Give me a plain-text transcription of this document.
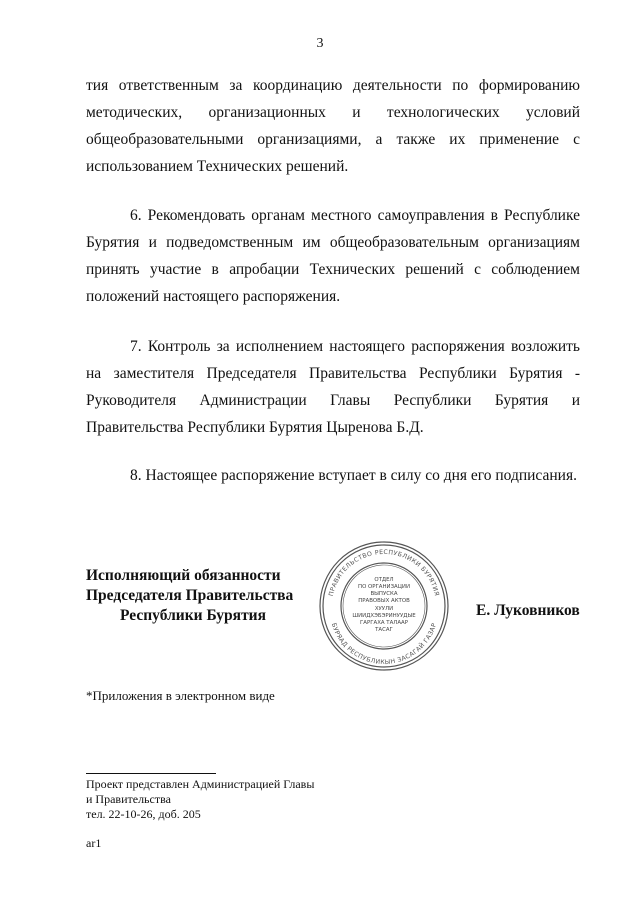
3

тия ответственным за координацию деятельности по формированию методических, организационных и технологических условий общеобразовательными организациями, а также их применение с использованием Технических решений.

6. Рекомендовать органам местного самоуправления в Республике Бурятия и подведомственным им общеобразовательным организациям принять участие в апробации Технических решений с соблюдением положений настоящего распоряжения.

7. Контроль за исполнением настоящего распоряжения возложить на заместителя Председателя Правительства Республики Бурятия - Руководителя Администрации Главы Республики Бурятия и Правительства Республики Бурятия Цыренова Б.Д.

8. Настоящее распоряжение вступает в силу со дня его подписания.

Исполняющий обязанности
Председателя Правительства
Республики Бурятия
ПРАВИТЕЛЬСТВО РЕСПУБЛИКИ БУРЯТИЯ
БУРЯАД РЕСПУБЛИКЫН ЗАСАГАЙ ГАЗАР
ОТДЕЛ
ПО ОРГАНИЗАЦИИ
ВЫПУСКА
ПРАВОВЫХ АКТОВ
ХУУЛИ
ШИИДХЭБЭРИНУУДЫЕ
ГАРГАХА ТАЛААР
ТАСАГ
Е. Луковников
*Приложения в электронном виде
Проект представлен Администрацией Главы
и Правительства
тел. 22-10-26, доб. 205
ar1
